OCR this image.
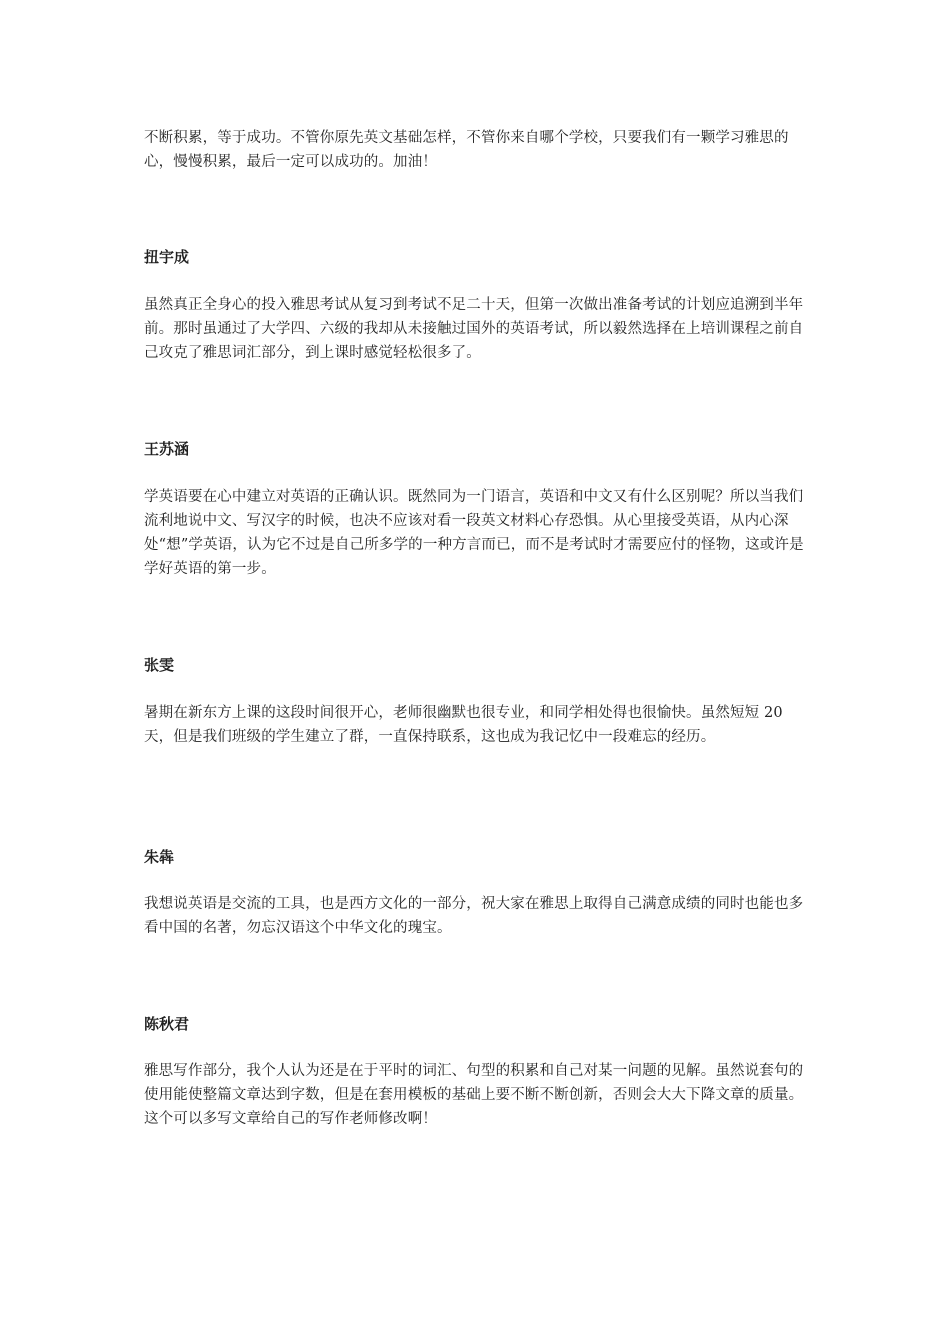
不断积累，等于成功。不管你原先英文基础怎样，不管你来自哪个学校，只要我们有一颗学习雅思的心，慢慢积累，最后一定可以成功的。加油！

扭宇成

虽然真正全身心的投入雅思考试从复习到考试不足二十天，但第一次做出准备考试的计划应追溯到半年前。那时虽通过了大学四、六级的我却从未接触过国外的英语考试，所以毅然选择在上培训课程之前自己攻克了雅思词汇部分，到上课时感觉轻松很多了。

王苏涵

学英语要在心中建立对英语的正确认识。既然同为一门语言，英语和中文又有什么区别呢？所以当我们流利地说中文、写汉字的时候，也决不应该对看一段英文材料心存恐惧。从心里接受英语，从内心深处“想”学英语，认为它不过是自己所多学的一种方言而已，而不是考试时才需要应付的怪物，这或许是学好英语的第一步。

张雯

暑期在新东方上课的这段时间很开心，老师很幽默也很专业，和同学相处得也很愉快。虽然短短 20 天，但是我们班级的学生建立了群，一直保持联系，这也成为我记忆中一段难忘的经历。

朱犇

我想说英语是交流的工具，也是西方文化的一部分，祝大家在雅思上取得自己满意成绩的同时也能也多看中国的名著，勿忘汉语这个中华文化的瑰宝。

陈秋君

雅思写作部分，我个人认为还是在于平时的词汇、句型的积累和自己对某一问题的见解。虽然说套句的使用能使整篇文章达到字数，但是在套用模板的基础上要不断不断创新，否则会大大下降文章的质量。这个可以多写文章给自己的写作老师修改啊！
